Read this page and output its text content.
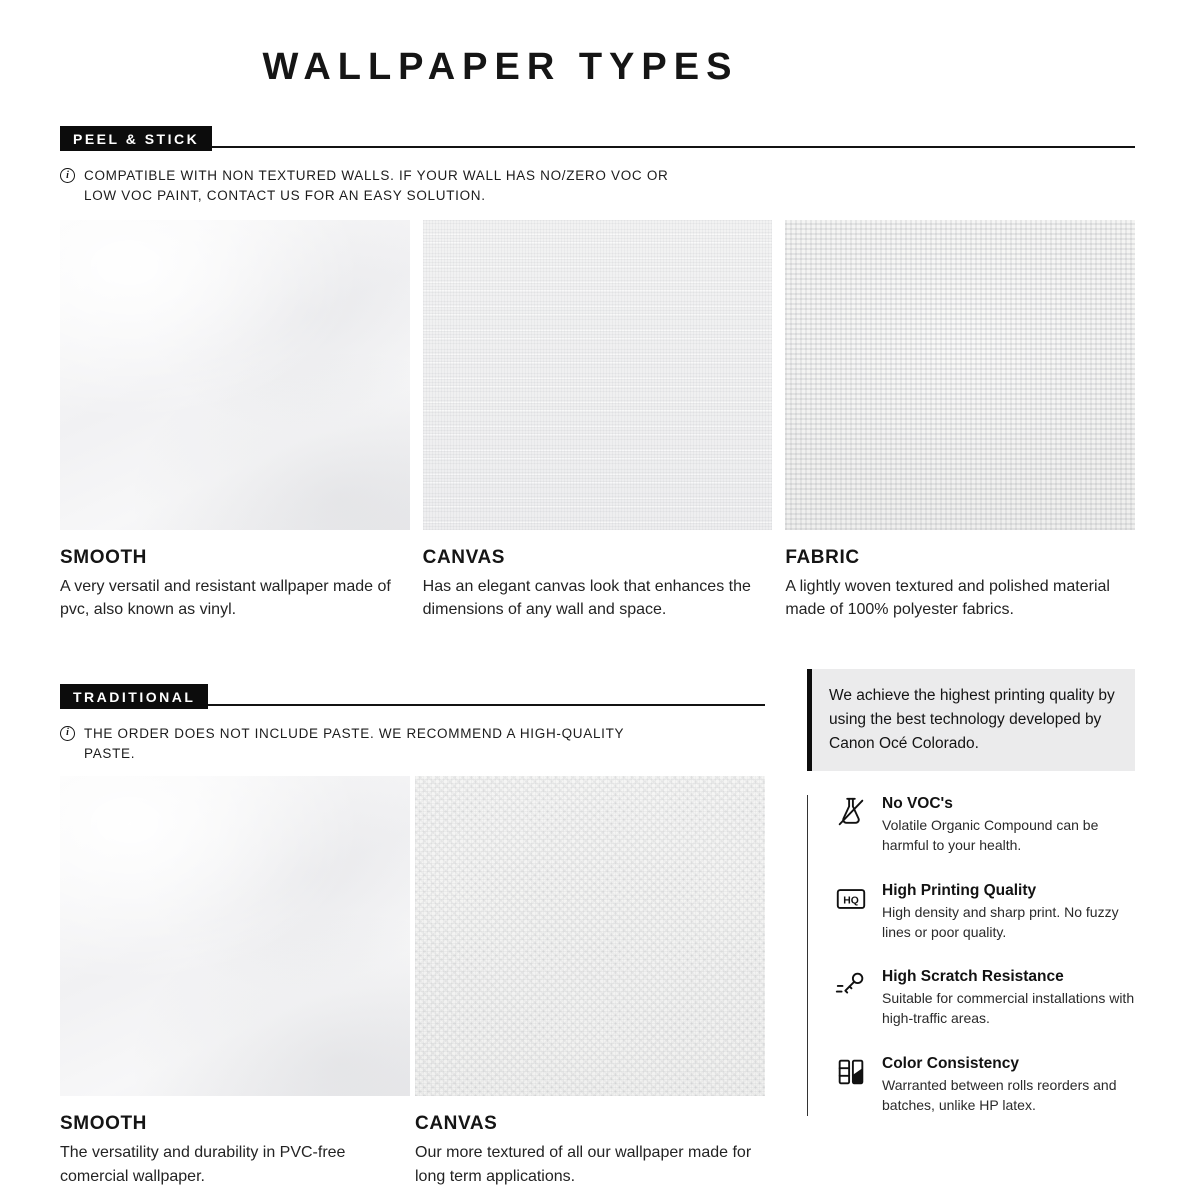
WALLPAPER TYPES
PEEL & STICK
i	COMPATIBLE WITH NON TEXTURED WALLS. IF YOUR WALL HAS NO/ZERO VOC OR LOW VOC PAINT, CONTACT US FOR AN EASY SOLUTION.

SMOOTH

A very versatil and resistant wallpaper made of pvc, also known as vinyl.

CANVAS

Has an elegant canvas look that enhances the dimensions of any wall and space.

FABRIC

A lightly woven textured and polished material made of 100% polyester fabrics.

TRADITIONAL
i	THE ORDER DOES NOT INCLUDE PASTE. WE RECOMMEND A HIGH-QUALITY PASTE.

SMOOTH

The versatility and durability in PVC-free comercial wallpaper.

CANVAS

Our more textured of all our wallpaper made for long term applications.

We achieve the highest printing quality by using the best technology developed by Canon Océ Colorado.
No VOC's
Volatile Organic Compound can be harmful to your health.
HQ
High Printing Quality
High density and sharp print. No fuzzy lines or poor quality.
High Scratch Resistance
Suitable for commercial installations with high-traffic areas.
Color Consistency
Warranted between rolls reorders and batches, unlike HP latex.
